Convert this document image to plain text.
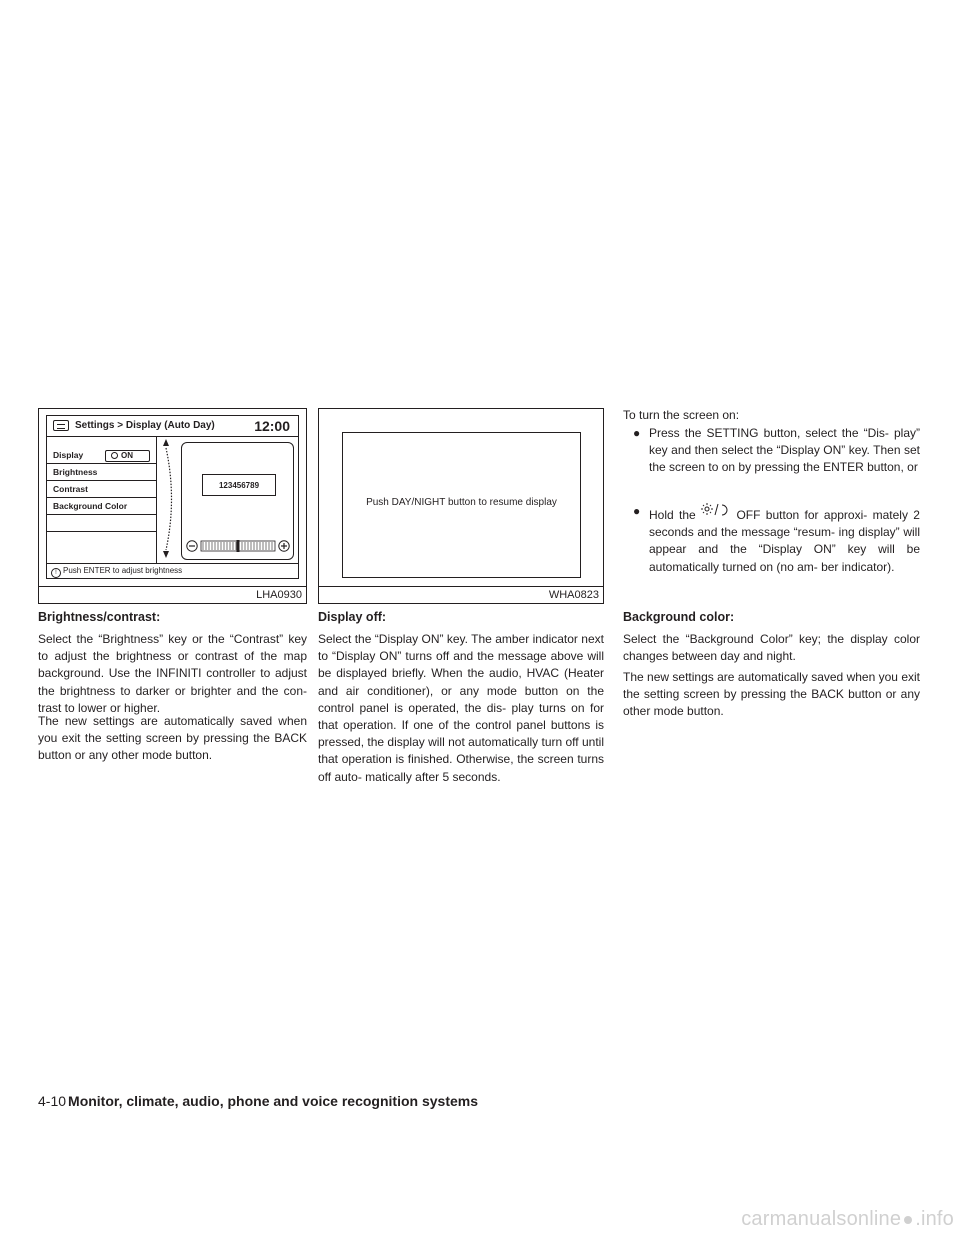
Settings > Display (Auto Day)	12:00
Display	ON
Brightness
Contrast
Background Color
123456789
! Push ENTER to adjust brightness
LHA0930
Push DAY/NIGHT button to resume display
WHA0823
Brightness/contrast:

Select the “Brightness” key or the “Contrast” key to adjust the brightness or contrast of the map background. Use the INFINITI controller to adjust the brightness to darker or brighter and the con- trast to lower or higher.

The new settings are automatically saved when you exit the setting screen by pressing the BACK button or any other mode button.

Display off:

Select the “Display ON” key. The amber indicator next to “Display ON” turns off and the message above will be displayed briefly. When the audio, HVAC (Heater and air conditioner), or any mode button on the control panel is operated, the dis- play turns on for that operation. If one of the control panel buttons is pressed, the display will not automatically turn off until that operation is finished. Otherwise, the screen turns off auto- matically after 5 seconds.

To turn the screen on:

● Press the SETTING button, select the “Dis- play” key and then select the “Display ON” key. Then set the screen to on by pressing the ENTER button, or

● Hold the	OFF button for approxi- mately 2 seconds and the message “resum- ing display” will appear and the “Display ON” key will be automatically turned on (no am- ber indicator).

Background color:

Select the “Background Color” key; the display color changes between day and night.

The new settings are automatically saved when you exit the setting screen by pressing the BACK button or any other mode button.

4-10 Monitor, climate, audio, phone and voice recognition systems
carmanualsonline .info
